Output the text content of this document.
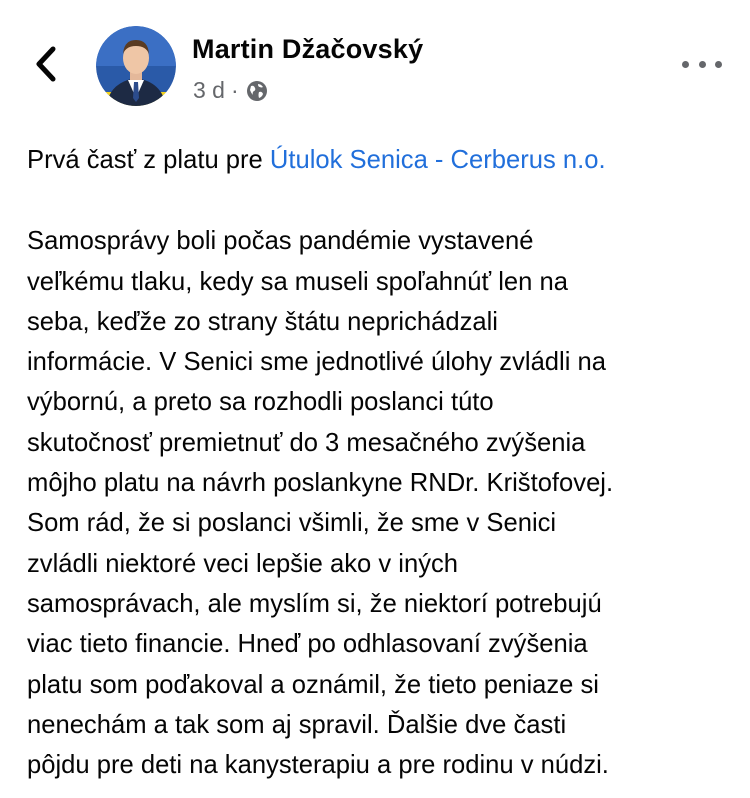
Martin Džačovský
3 d ·

Prvá časť z platu pre Útulok Senica - Cerberus n.o.

Samosprávy boli počas pandémie vystavené
veľkému tlaku, kedy sa museli spoľahnúť len na
seba, keďže zo strany štátu neprichádzali
informácie. V Senici sme jednotlivé úlohy zvládli na
výbornú, a preto sa rozhodli poslanci túto
skutočnosť premietnuť do 3 mesačného zvýšenia
môjho platu na návrh poslankyne RNDr. Krištofovej.
Som rád, že si poslanci všimli, že sme v Senici
zvládli niektoré veci lepšie ako v iných
samosprávach, ale myslím si, že niektorí potrebujú
viac tieto financie. Hneď po odhlasovaní zvýšenia
platu som poďakoval a oznámil, že tieto peniaze si
nenechám a tak som aj spravil. Ďalšie dve časti
pôjdu pre deti na kanysterapiu a pre rodinu v núdzi.
